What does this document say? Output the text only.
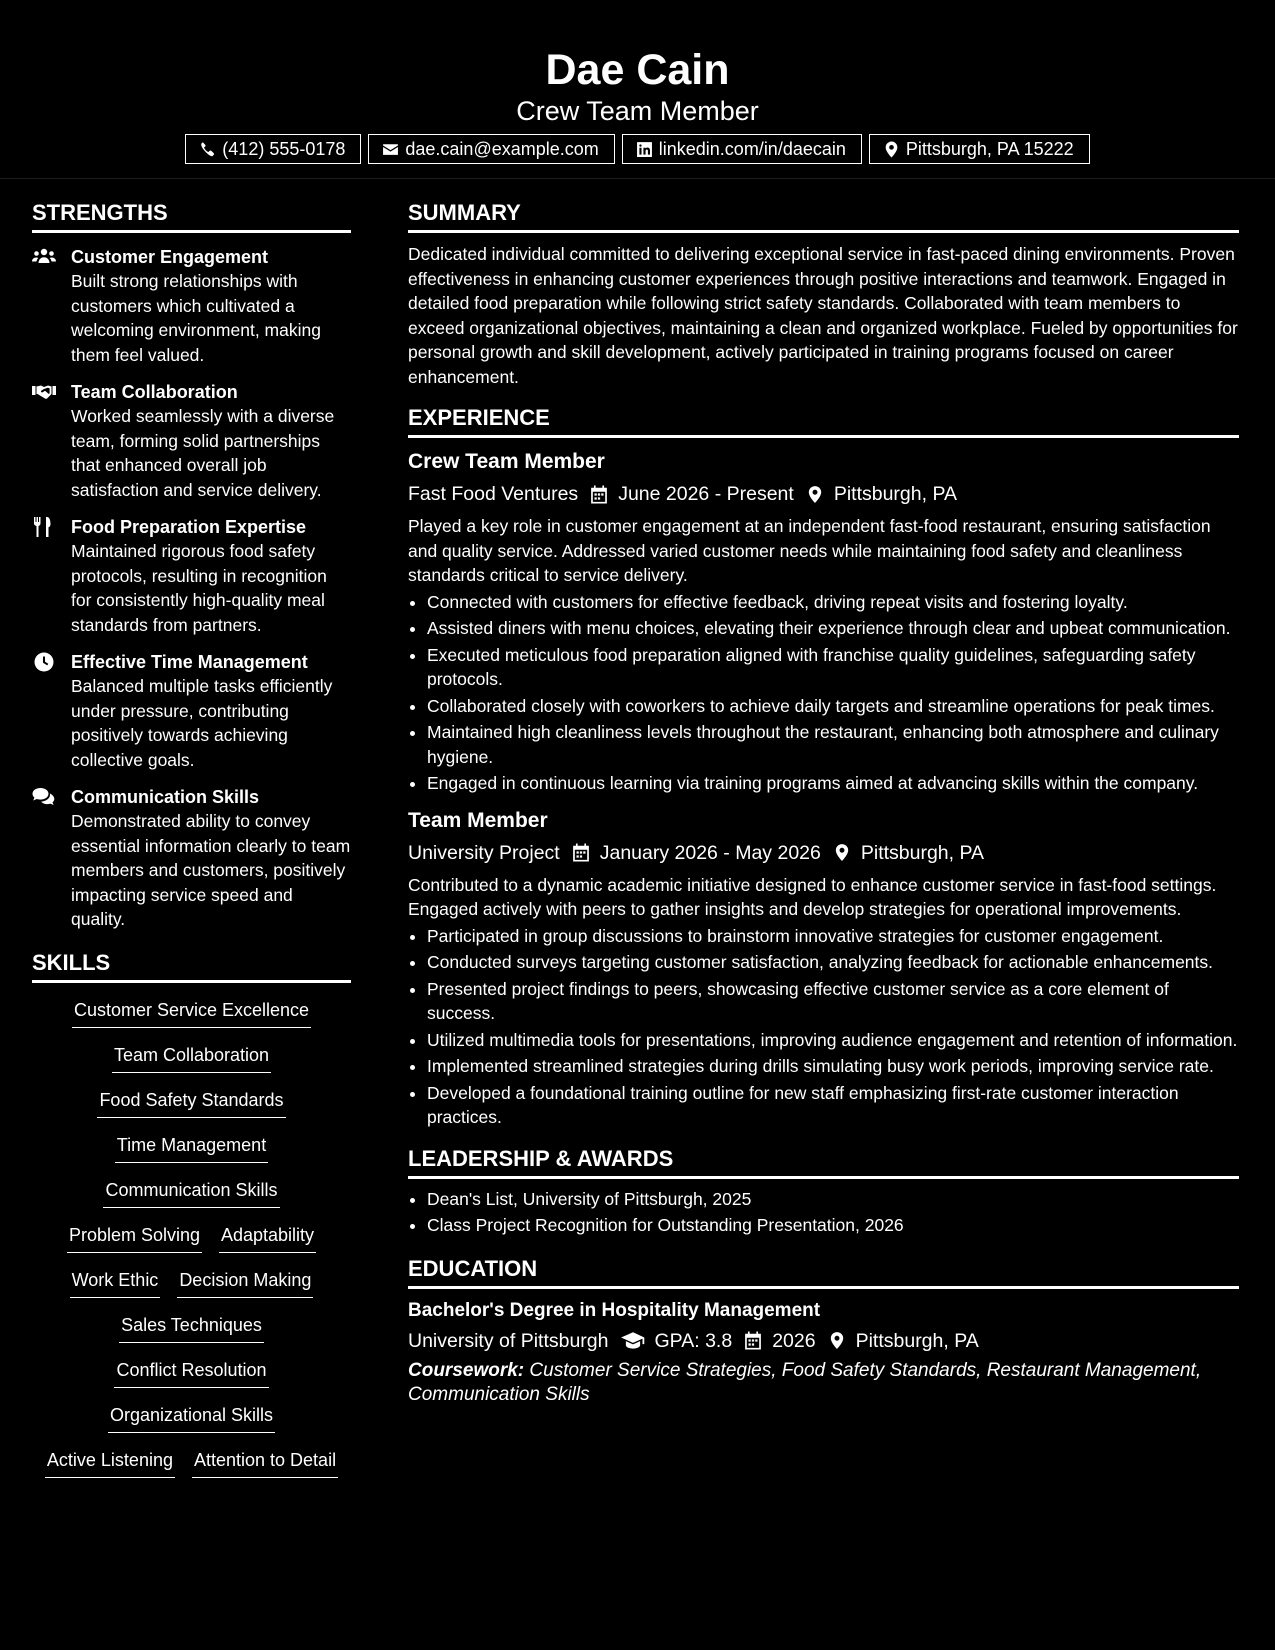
Dae Cain
Crew Team Member
(412) 555-0178	dae.cain@example.com	linkedin.com/in/daecain	Pittsburgh, PA 15222
STRENGTHS
Customer Engagement
Built strong relationships with customers which cultivated a welcoming environment, making them feel valued.
Team Collaboration
Worked seamlessly with a diverse team, forming solid partnerships that enhanced overall job satisfaction and service delivery.
Food Preparation Expertise
Maintained rigorous food safety protocols, resulting in recognition for consistently high-quality meal standards from partners.
Effective Time Management
Balanced multiple tasks efficiently under pressure, contributing positively towards achieving collective goals.
Communication Skills
Demonstrated ability to convey essential information clearly to team members and customers, positively impacting service speed and quality.
SKILLS
Customer Service Excellence
Team Collaboration
Food Safety Standards
Time Management
Communication Skills
Problem Solving Adaptability
Work Ethic Decision Making
Sales Techniques
Conflict Resolution
Organizational Skills
Active Listening Attention to Detail
SUMMARY
Dedicated individual committed to delivering exceptional service in fast-paced dining environments. Proven effectiveness in enhancing customer experiences through positive interactions and teamwork. Engaged in detailed food preparation while following strict safety standards. Collaborated with team members to exceed organizational objectives, maintaining a clean and organized workplace. Fueled by opportunities for personal growth and skill development, actively participated in training programs focused on career enhancement.
EXPERIENCE
Crew Team Member
Fast Food Ventures June 2026 - Present Pittsburgh, PA
Played a key role in customer engagement at an independent fast-food restaurant, ensuring satisfaction and quality service. Addressed varied customer needs while maintaining food safety and cleanliness standards critical to service delivery.
• Connected with customers for effective feedback, driving repeat visits and fostering loyalty.
• Assisted diners with menu choices, elevating their experience through clear and upbeat communication.
• Executed meticulous food preparation aligned with franchise quality guidelines, safeguarding safety protocols.
• Collaborated closely with coworkers to achieve daily targets and streamline operations for peak times.
• Maintained high cleanliness levels throughout the restaurant, enhancing both atmosphere and culinary hygiene.
• Engaged in continuous learning via training programs aimed at advancing skills within the company.
Team Member
University Project January 2026 - May 2026 Pittsburgh, PA
Contributed to a dynamic academic initiative designed to enhance customer service in fast-food settings. Engaged actively with peers to gather insights and develop strategies for operational improvements.
• Participated in group discussions to brainstorm innovative strategies for customer engagement.
• Conducted surveys targeting customer satisfaction, analyzing feedback for actionable enhancements.
• Presented project findings to peers, showcasing effective customer service as a core element of success.
• Utilized multimedia tools for presentations, improving audience engagement and retention of information.
• Implemented streamlined strategies during drills simulating busy work periods, improving service rate.
• Developed a foundational training outline for new staff emphasizing first-rate customer interaction practices.
LEADERSHIP & AWARDS
• Dean's List, University of Pittsburgh, 2025
• Class Project Recognition for Outstanding Presentation, 2026
EDUCATION
Bachelor's Degree in Hospitality Management
University of Pittsburgh GPA: 3.8 2026 Pittsburgh, PA
Coursework: Customer Service Strategies, Food Safety Standards, Restaurant Management, Communication Skills
